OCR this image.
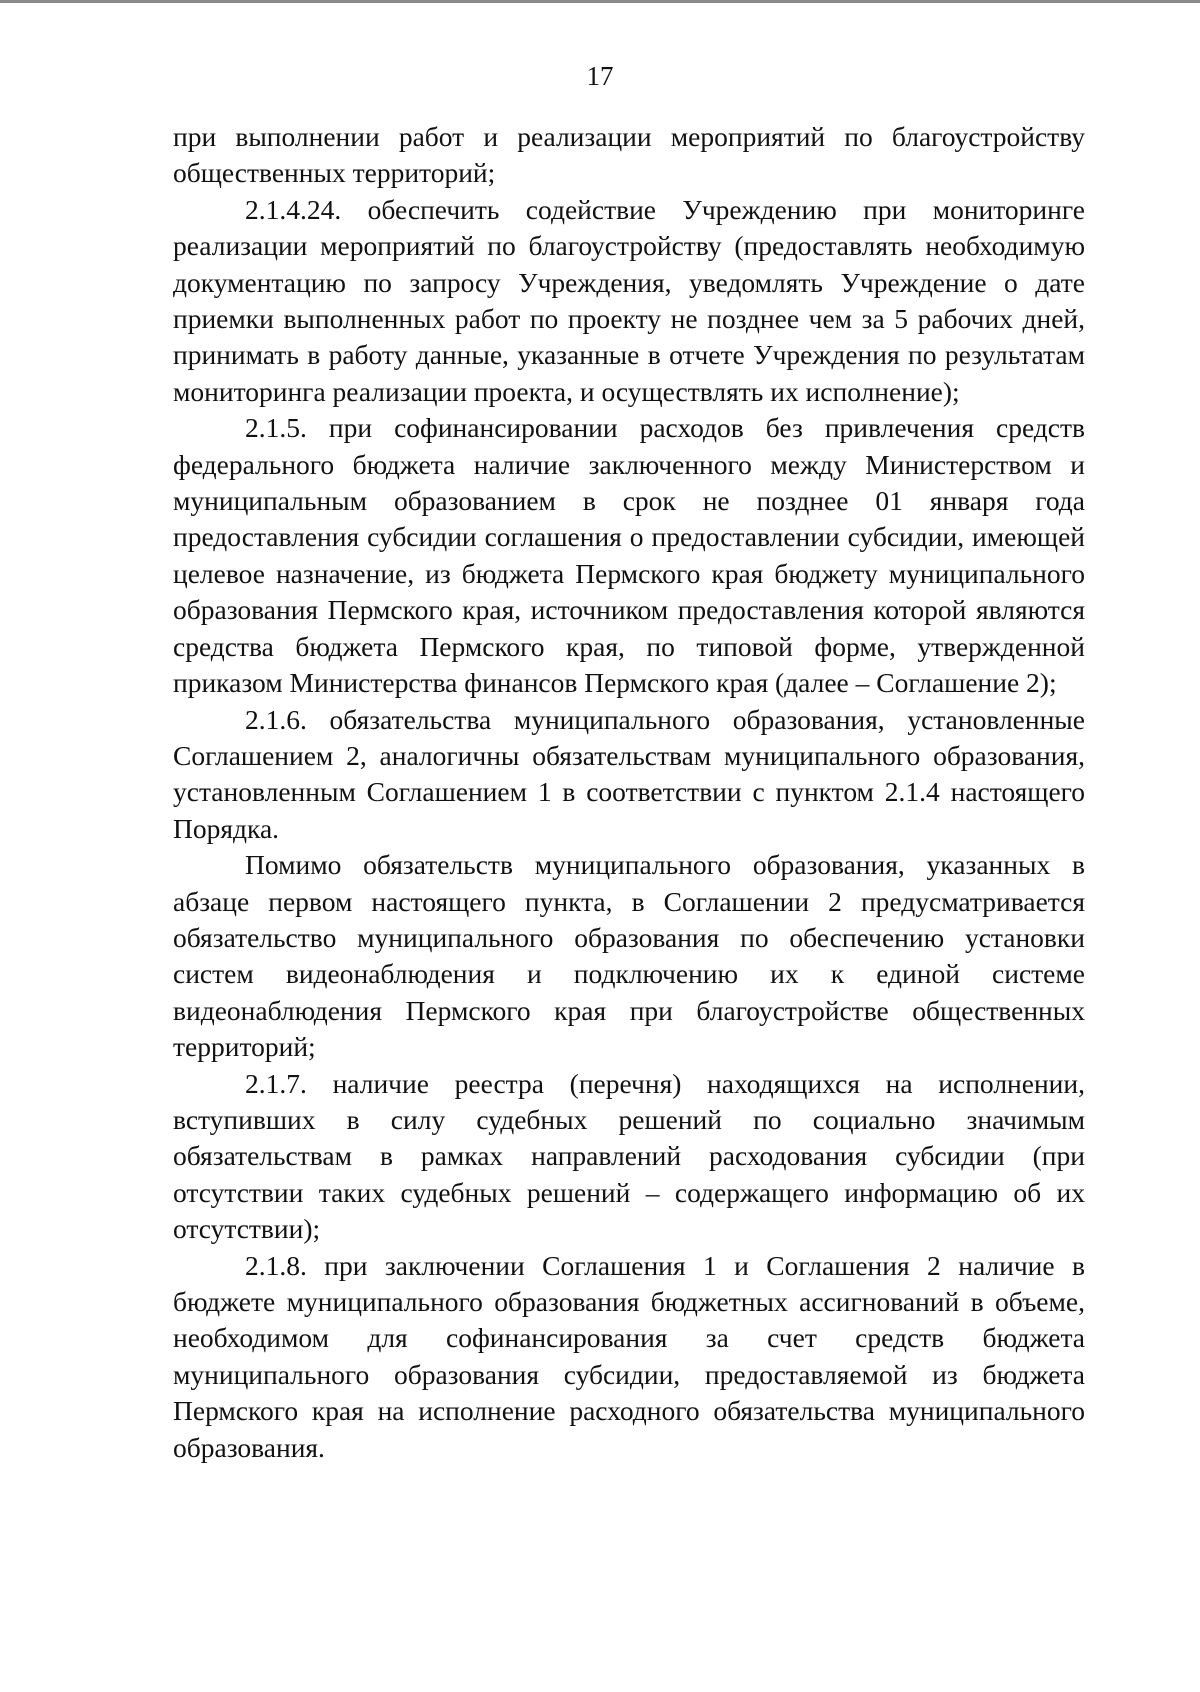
17

при выполнении работ и реализации мероприятий по благоустройству общественных территорий;

2.1.4.24. обеспечить содействие Учреждению при мониторинге реализации мероприятий по благоустройству (предоставлять необходимую документацию по запросу Учреждения, уведомлять Учреждение о дате приемки выполненных работ по проекту не позднее чем за 5 рабочих дней, принимать в работу данные, указанные в отчете Учреждения по результатам мониторинга реализации проекта, и осуществлять их исполнение);

2.1.5. при софинансировании расходов без привлечения средств федерального бюджета наличие заключенного между Министерством и муниципальным образованием в срок не позднее 01 января года предоставления субсидии соглашения о предоставлении субсидии, имеющей целевое назначение, из бюджета Пермского края бюджету муниципального образования Пермского края, источником предоставления которой являются средства бюджета Пермского края, по типовой форме, утвержденной приказом Министерства финансов Пермского края (далее – Соглашение 2);

2.1.6. обязательства муниципального образования, установленные Соглашением 2, аналогичны обязательствам муниципального образования, установленным Соглашением 1 в соответствии с пунктом 2.1.4 настоящего Порядка.

Помимо обязательств муниципального образования, указанных в абзаце первом настоящего пункта, в Соглашении 2 предусматривается обязательство муниципального образования по обеспечению установки систем видеонаблюдения и подключению их к единой системе видеонаблюдения Пермского края при благоустройстве общественных территорий;

2.1.7. наличие реестра (перечня) находящихся на исполнении, вступивших в силу судебных решений по социально значимым обязательствам в рамках направлений расходования субсидии (при отсутствии таких судебных решений – содержащего информацию об их отсутствии);

2.1.8. при заключении Соглашения 1 и Соглашения 2 наличие в бюджете муниципального образования бюджетных ассигнований в объеме, необходимом для софинансирования за счет средств бюджета муниципального образования субсидии, предоставляемой из бюджета Пермского края на исполнение расходного обязательства муниципального образования.
